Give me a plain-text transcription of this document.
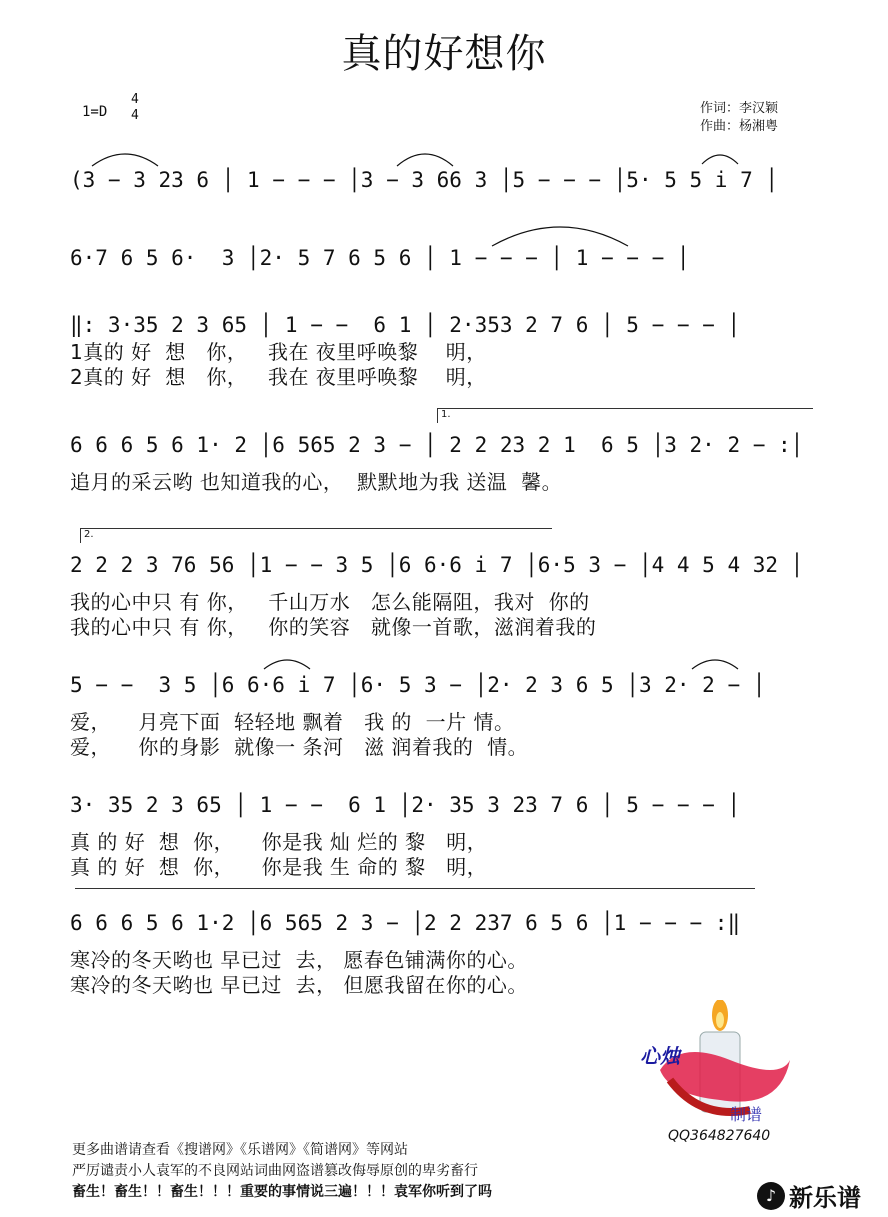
真的好想你
1=D
4
4	作词：李汉颖
作曲：杨湘粤
(3 − 3 23 6 │ 1 − − − │3 − 3 66 3 │5 − − − │5· 5 5 i 7 │
6·7 6 5 6·  3 │2· 5 7 6 5 6 │ 1 − − − │ 1 − − − │
‖: 3·35 2 3 65 │ 1 − −  6 1 │ 2·353 2 7 6 │ 5 − − − │
1真的 好  想   你，   我在 夜里呼唤黎    明，
2真的 好  想   你，   我在 夜里呼唤黎    明，
6 6 6 5 6 1· 2 │6 565 2 3 − │ 2 2 23 2 1  6 5 │3 2· 2 − :│
追月的采云哟 也知道我的心，  默默地为我 送温  馨。
2 2 2 3 76 56 │1 − − 3 5 │6 6·6 i 7 │6·5 3 − │4 4 5 4 32 │
我的心中只 有 你，   千山万水   怎么能隔阻，我对  你的
我的心中只 有 你，   你的笑容   就像一首歌，滋润着我的
5 − −  3 5 │6 6·6 i 7 │6· 5 3 − │2· 2 3 6 5 │3 2· 2 − │
爱，    月亮下面  轻轻地 飘着   我 的  一片 情。
爱，    你的身影  就像一 条河   滋 润着我的  情。
3· 35 2 3 65 │ 1 − −  6 1 │2· 35 3 23 7 6 │ 5 − − − │
真 的 好  想  你，    你是我 灿 烂的 黎   明，
真 的 好  想  你，    你是我 生 命的 黎   明，
6 6 6 5 6 1·2 │6 565 2 3 − │2 2 237 6 5 6 │1 − − − :‖
寒冷的冬天哟也 早已过  去， 愿春色铺满你的心。
寒冷的冬天哟也 早已过  去， 但愿我留在你的心。
1.
2.
心烛
制谱
QQ364827640
更多曲谱请查看《搜谱网》《乐谱网》《简谱网》等网站
严厉谴责小人袁军的不良网站词曲网盗谱篡改侮辱原创的卑劣畜行
畜生！畜生！！畜生！！！重要的事情说三遍！！！袁军你听到了吗	♪ 新乐谱
